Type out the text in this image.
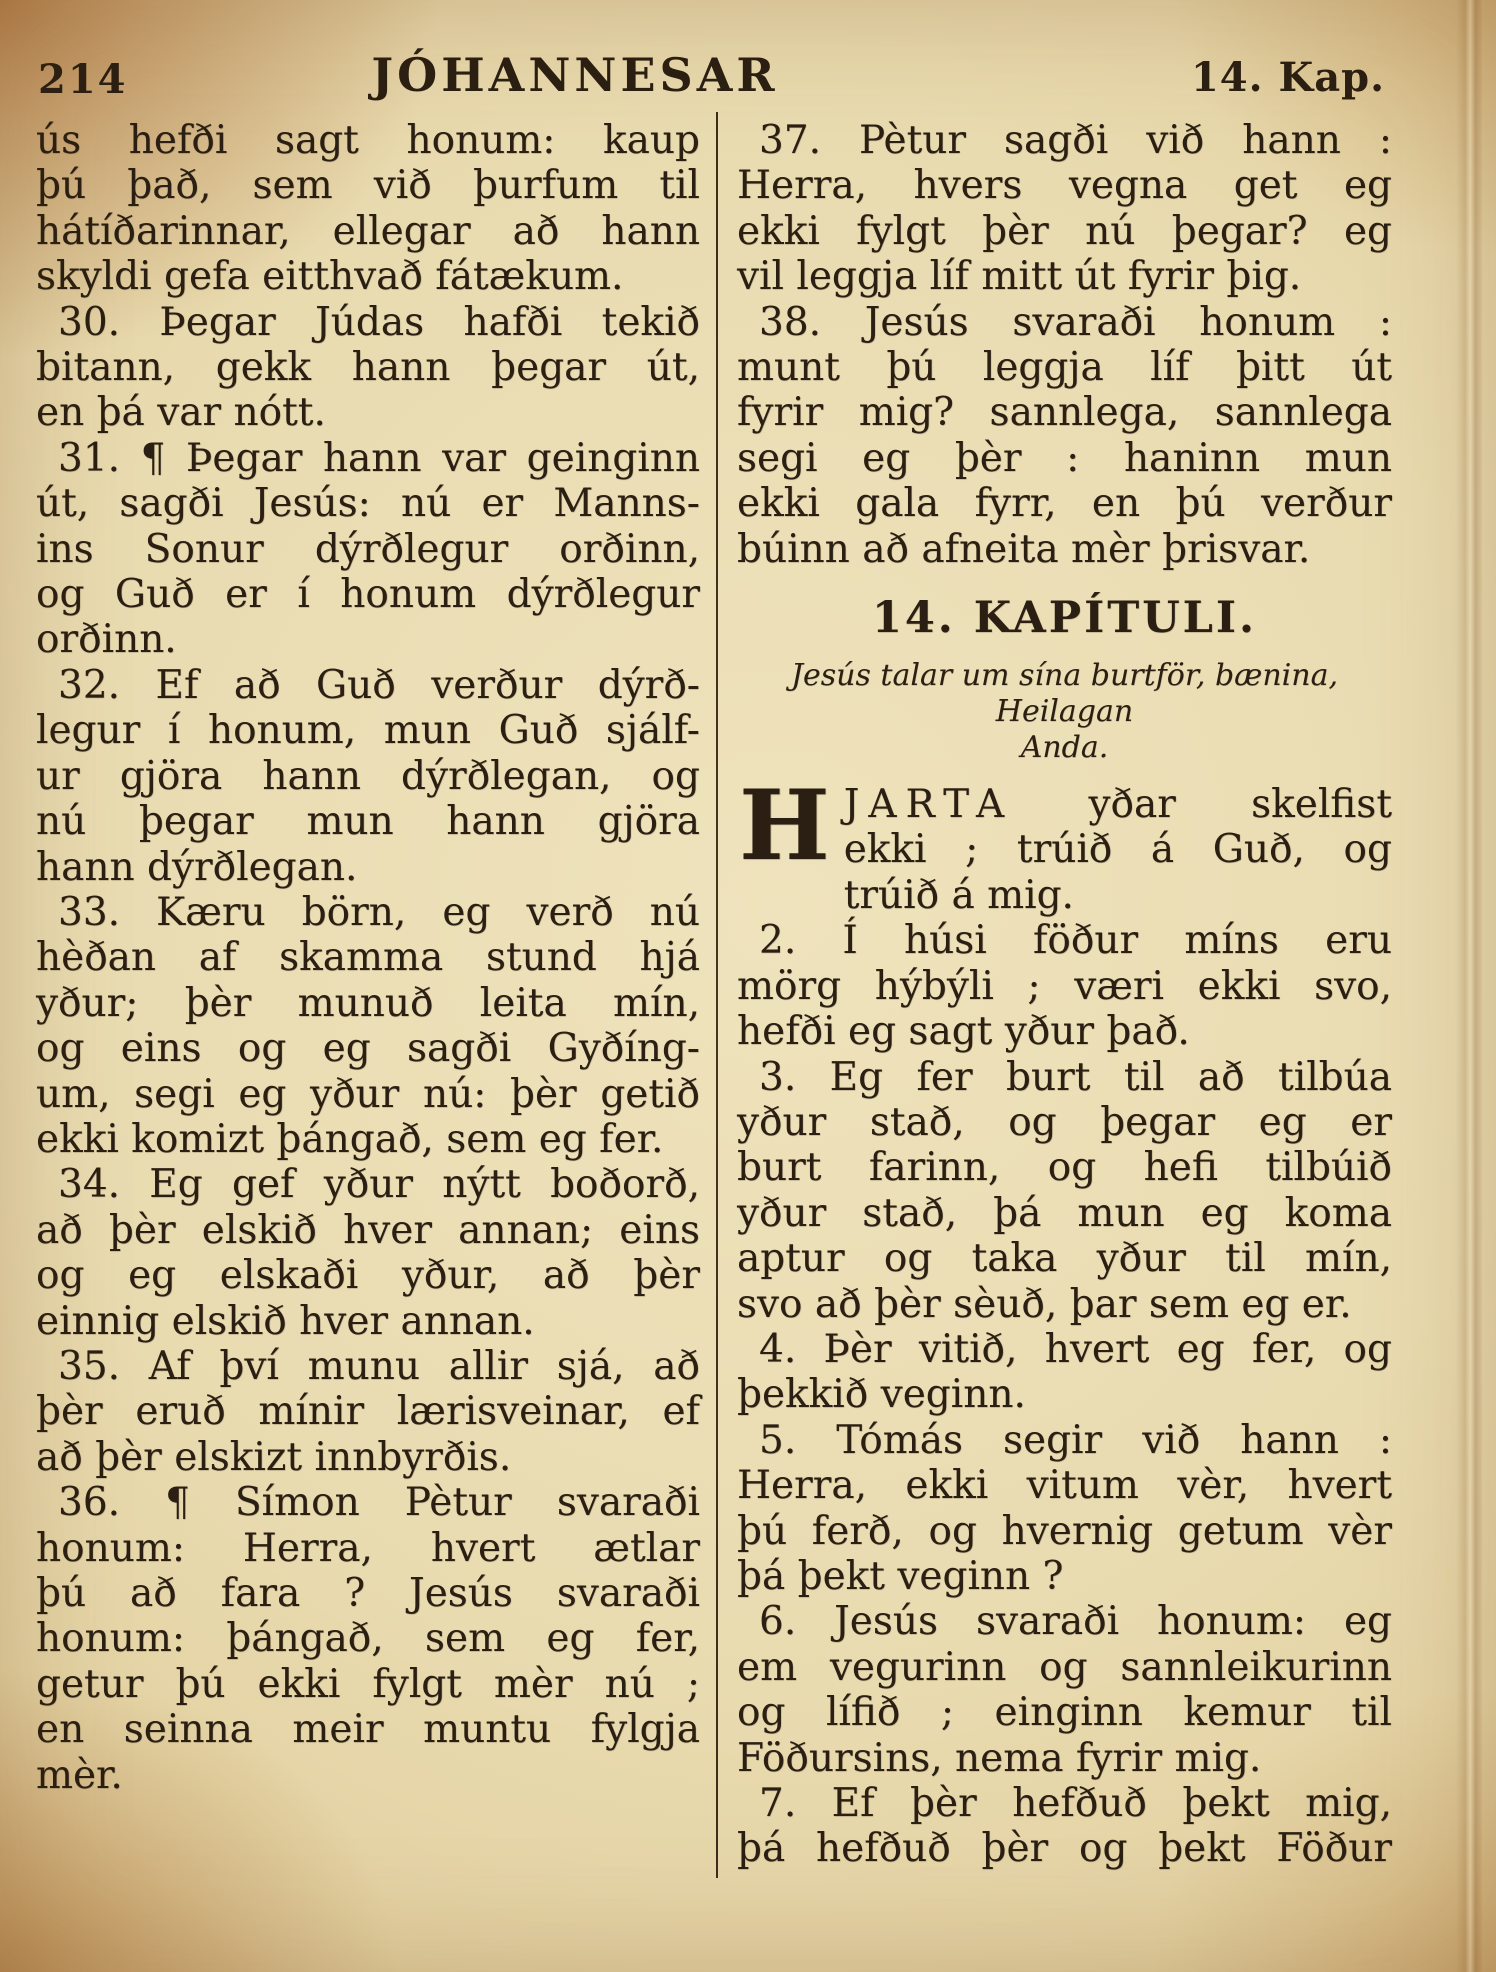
214	JÓHANNESAR	14. Kap.
ús hefði sagt honum: kaup
þú það, sem við þurfum til
hátíðarinnar, ellegar að hann
skyldi gefa eitthvað fátækum.
30. Þegar Júdas hafði tekið
bitann, gekk hann þegar út,
en þá var nótt.
31. ¶ Þegar hann var geinginn
út, sagði Jesús: nú er Manns-
ins Sonur dýrðlegur orðinn,
og Guð er í honum dýrðlegur
orðinn.
32. Ef að Guð verður dýrð-
legur í honum, mun Guð sjálf-
ur gjöra hann dýrðlegan, og
nú þegar mun hann gjöra
hann dýrðlegan.
33. Kæru börn, eg verð nú
hèðan af skamma stund hjá
yður; þèr munuð leita mín,
og eins og eg sagði Gyðíng-
um, segi eg yður nú: þèr getið
ekki komizt þángað, sem eg fer.
34. Eg gef yður nýtt boðorð,
að þèr elskið hver annan; eins
og eg elskaði yður, að þèr
einnig elskið hver annan.
35. Af því munu allir sjá, að
þèr eruð mínir lærisveinar, ef
að þèr elskizt innbyrðis.
36. ¶ Símon Pètur svaraði
honum: Herra, hvert ætlar
þú að fara ? Jesús svaraði
honum: þángað, sem eg fer,
getur þú ekki fylgt mèr nú ;
en seinna meir muntu fylgja
mèr.
37. Pètur sagði við hann :
Herra, hvers vegna get eg
ekki fylgt þèr nú þegar? eg
vil leggja líf mitt út fyrir þig.
38. Jesús svaraði honum :
munt þú leggja líf þitt út
fyrir mig? sannlega, sannlega
segi eg þèr : haninn mun
ekki gala fyrr, en þú verður
búinn að afneita mèr þrisvar.
14. KAPÍTULI.
Jesús talar um sína burtför, bænina, Heilagan
Anda.
H JARTA yðar skelfist
ekki ; trúið á Guð, og
trúið á mig.
2. Í húsi föður míns eru
mörg hýbýli ; væri ekki svo,
hefði eg sagt yður það.
3. Eg fer burt til að tilbúa
yður stað, og þegar eg er
burt farinn, og hefi tilbúið
yður stað, þá mun eg koma
aptur og taka yður til mín,
svo að þèr sèuð, þar sem eg er.
4. Þèr vitið, hvert eg fer, og
þekkið veginn.
5. Tómás segir við hann :
Herra, ekki vitum vèr, hvert
þú ferð, og hvernig getum vèr
þá þekt veginn ?
6. Jesús svaraði honum: eg
em vegurinn og sannleikurinn
og lífið ; einginn kemur til
Föðursins, nema fyrir mig.
7. Ef þèr hefðuð þekt mig,
þá hefðuð þèr og þekt Föður
